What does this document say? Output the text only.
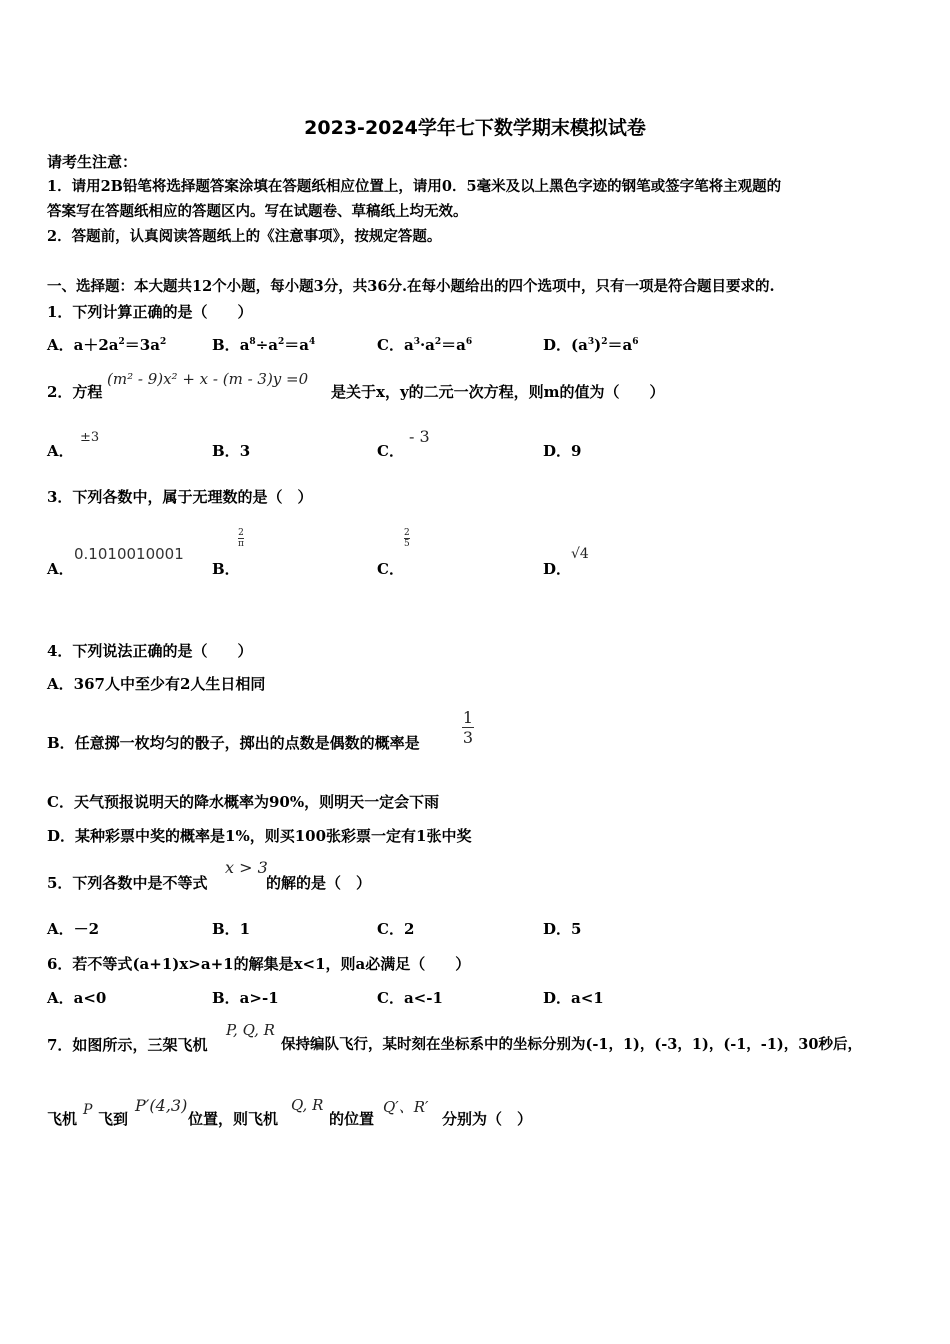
2023-2024学年七下数学期末模拟试卷
请考生注意：
1．请用2B铅笔将选择题答案涂填在答题纸相应位置上，请用0．5毫米及以上黑色字迹的钢笔或签字笔将主观题的
答案写在答题纸相应的答题区内。写在试题卷、草稿纸上均无效。
2．答题前，认真阅读答题纸上的《注意事项》，按规定答题。
一、选择题：本大题共12个小题，每小题3分，共36分.在每小题给出的四个选项中，只有一项是符合题目要求的.
1．下列计算正确的是（　　）
A．$a+2a^2=3a^2$	B．$a^8\div a^2=a^4$	C．$a^3\cdot a^2=a^6$	D．$(a^3)^2=a^6$
2．方程
(m² - 9)x² + x - (m - 3)y =0
是关于x，y的二元一次方程，则m的值为（　　）
A．
±3
B．3	C．
- 3
D．9
3．下列各数中，属于无理数的是（　）
A．
0.1010010001
B．
2
π
C．
2
5
D．
√4
4．下列说法正确的是（　　）
A．367人中至少有2人生日相同
B．任意掷一枚均匀的骰子，掷出的点数是偶数的概率是
1
3
C．天气预报说明天的降水概率为90%，则明天一定会下雨
D．某种彩票中奖的概率是1%，则买100张彩票一定有1张中奖
5．下列各数中是不等式
x > 3
的解的是（　）
A．－2	B．1	C．2	D．5
6．若不等式(a+1)x>a+1的解集是x<1，则a必满足（　　）
A．a<0	B．a>-1	C．a<-1	D．a<1
7．如图所示，三架飞机
P, Q, R
保持编队飞行，某时刻在坐标系中的坐标分别为(-1，1)，(-3，1)，(-1，-1)，30秒后，
飞机 P 飞到
P′(4,3)
位置，则飞机
Q, R
的位置
Q′、R′
分别为（　）
